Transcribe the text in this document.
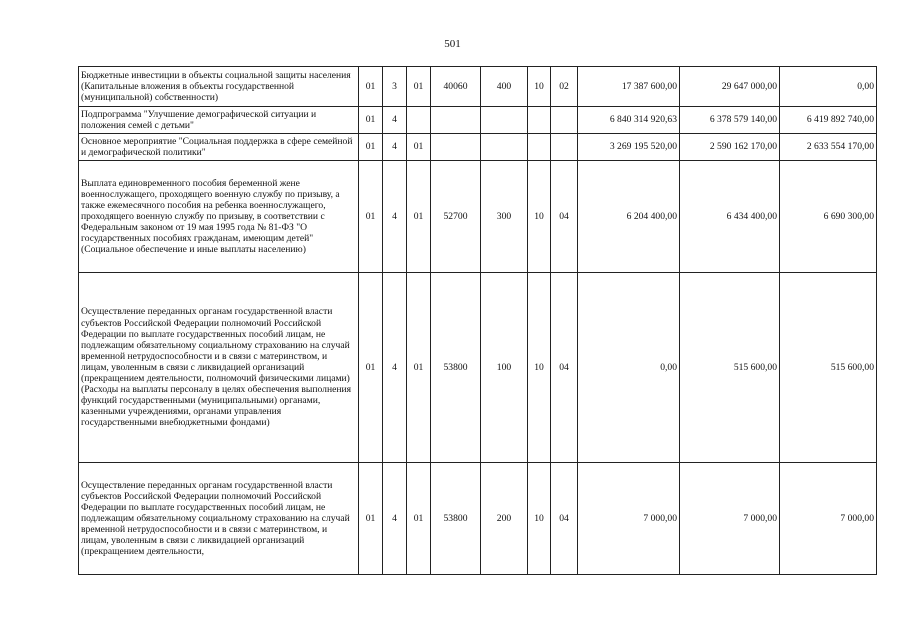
501
Бюджетные инвестиции в объекты социальной защиты населения (Капитальные вложения в объекты государственной (муниципальной) собственности)	01	3	01	40060	400	10	02	17 387 600,00	29 647 000,00	0,00
Подпрограмма "Улучшение демографической ситуации и положения семей с детьми"	01	4						6 840 314 920,63	6 378 579 140,00	6 419 892 740,00
Основное мероприятие "Социальная поддержка в сфере семейной и демографической политики"	01	4	01					3 269 195 520,00	2 590 162 170,00	2 633 554 170,00
Выплата единовременного пособия беременной жене военнослужащего, проходящего военную службу по призыву, а также ежемесячного пособия на ребенка военнослужащего, проходящего военную службу по призыву, в соответствии с Федеральным законом от 19 мая 1995 года № 81-ФЗ "О государственных пособиях гражданам, имеющим детей" (Социальное обеспечение и иные выплаты населению)	01	4	01	52700	300	10	04	6 204 400,00	6 434 400,00	6 690 300,00
Осуществление переданных органам государственной власти субъектов Российской Федерации полномочий Российской Федерации по выплате государственных пособий лицам, не подлежащим обязательному социальному страхованию на случай временной нетрудоспособности и в связи с материнством, и лицам, уволенным в связи с ликвидацией организаций (прекращением деятельности, полномочий физическими лицами) (Расходы на выплаты персоналу в целях обеспечения выполнения функций государственными (муниципальными) органами, казенными учреждениями, органами управления государственными внебюджетными фондами)	01	4	01	53800	100	10	04	0,00	515 600,00	515 600,00
Осуществление переданных органам государственной власти субъектов Российской Федерации полномочий Российской Федерации по выплате государственных пособий лицам, не подлежащим обязательному социальному страхованию на случай временной нетрудоспособности и в связи с материнством, и лицам, уволенным в связи с ликвидацией организаций (прекращением деятельности,	01	4	01	53800	200	10	04	7 000,00	7 000,00	7 000,00
